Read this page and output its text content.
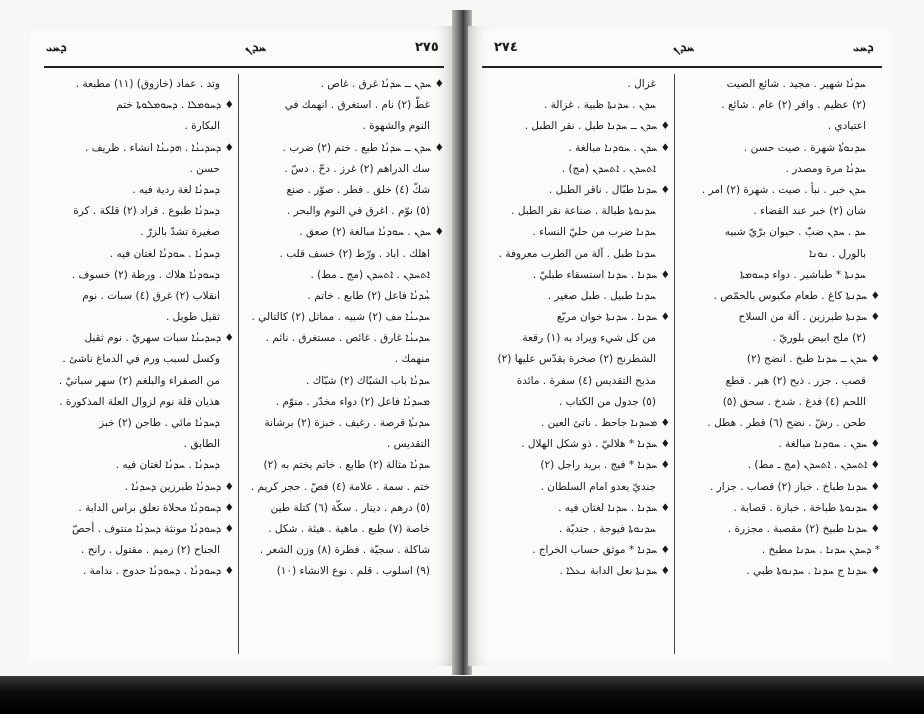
ܕܚܝ	ܚܕܢ	٢٧٥
♦ ܚܕܢ ــ ܚܕܢܳܐ غرق . غاص .
غطّ (٢) نام . استغرق . انهمك في
النوم والشهوة .
♦ ܚܕܢ ــ ܚܕܢܳܐ طبع . ختم (٢) ضرب .
سك الدراهم (٢) غرز . دحّ . دسّ .
شكّ (٤) خلق . فطر . صوّر . صنع
(٥) نوّم . اغرق في النوم والبحر .
♦ ܚܕܢ . ܚܘܕܢܳܐ مبالغة (٢) صعق .
اهلك . اباد . ورّط (٢) خسف قلب .
ܐܬܚܕܢ . ܐܬܚܕܢ (مج ـ مط) .
ܚܳܕܢܳܐ فاعل (٢) طابع . خاتم .
ܚܕܝܢܳܐ مف (٢) شبيه . مماثل (٢) كالتالي .
ܚܕܝܢܳܐ غارق . غائص . مستغرق . نائم .
منهمك .
ܚܕܢܳܐ باب الشبّاك (٢) شبّاك .
ܡܚܕܢܳܐ فاعل (٢) دواء مخدّر . منوّم .
ܚܕܢܬܳܐ قرصة . رغيف . خبزة (٢) برشانة
التقديس .
ܚܕܢܳܐ مثالة (٢) طابع . خاتم يختم به (٢)
ختم . سمة . علامة (٤) فصّ . حجر كريم .
(٥) درهم . دينار . سكّة (٦) كتلة طين
خاصة (٧) طبع . ماهية . هيئة . شكل .
شاكلة . سجيّة . فطرة (٨) وزن الشعر .
(٩) اسلوب . قلم . نوع الانشاء (١٠)
وتد . عماد (خازوق) (١١) مطبعة .
♦ ܕܚܘܡܠܐ . ܕܚܘܡܠܘܬܐ ختم
البكارة .
♦ ܕܚܕܝܢܳܐ . ܗܕܝܢܳܐ انشاء . ظريف .
حسن .
ܕܚܕܢܳܐ لغة ردية فيه .
ܕܚܕܢܳܐ طبوع . قراد (٢) قلكة . كرة
صغيرة تشدّ بالزرّ .
ܕܚܕܢܳܐ . ܚܘܕܢܳܐ لغتان فيه .
ܕܚܘܕܢܳܐ هلاك . ورطة (٢) خسوف .
انقلاب (٢) غرق (٤) سبات . نوم
ثقيل طويل .
♦ ܕܚܕܝܢܳܐ سبات سهريّ . نوم ثقيل
وكسل لسبب ورم في الدماغ ناشئ .
من الصفراء والبلغم (٢) سهر سباتيّ .
هذيان قلة نوم لزوال العلة المذكورة .
ܕܚܕܢܳܐ مائي . طاجن (٢) خبز
الطابق .
ܕܚܕܢܳܐ . ܚܕܢܳܐ لغتان فيه .
♦ ܕܚܕܢܳܐ طبرزين ܕܚܕܢܳܐ .
♦ ܕܚܘܕܢܳܐ محلاة تعلق براس الدابة .
♦ ܕܚܘܕܢܳܐ مونثة ܕܚܕܢܳܐ منتوف . أحصّ
الجناح (٢) زميم . مقتول . رانح .
♦ ܕܚܘܕܢܳܐ . ܕܚܘܕܢܳܐ حدوج . ندامة .
٢٧٤	ܚܕܢ	ܕܚܝ
ܚܕܢܳܐ شهير . مجيد . شائع الصيت
(٢) عظيم . وافر (٢) عام . شائع .
اعتيادي .
ܚܕܢܘܬܳܐ شهرة . صيت حسن .
ܚܕܢܳܐ مرة ومصدر .
ܚܕܢ خبر . نبأ . صيت . شهرة (٢) امر .
شان (٢) خبر عند القضاء .
ܚܕ . ܚܕܢ ضبّ . حيوان برّيّ شبيه
بالورل . ܢܘܢܐ
ܚܕܢܬܐ * طباشير . دواء ܕܚܘܡܬܐ
♦ ܚܕܢܬܐ كاغ . طعام مكبوس بالحمّص .
♦ ܚܕܢܬܐ طبرزين . آلة من السلاح
(٢) ملح ابيض بلوريّ .
♦ ܚܕܢ ــ ܚܕܢܐ طبخ . انضج (٢)
قصب . جزر . ذبح (٢) هبر . قطع
اللحم (٤) فدغ . شدخ . سحق (٥)
طحن . رشّ . نضح (٦) قطر . هطل .
♦ ܚܕܢ . ܚܘܕܢܐ مبالغة .
♦ ܐܬܚܕܢ . ܐܬܚܕܢ (مج ـ مط) .
♦ ܚܕܢܐ طباخ . خباز (٢) قصاب . جزار .
♦ ܚܕܢܘܬܐ طباخة . خبازة . قصابة .
♦ ܚܕܢܐ طبيخ (٢) مقصبة . مجزرة .
* ܕܚܕܢ ܚܕܢܐ . ܚܕܢܐ مطبخ .
♦ ܚܕܢܐ ج ܚܕܢܐ . ܚܕܢܘܬܐ طبي .
غزال .
ܚܕܢ . ܚܕܢܬܐ ظبية . غزالة .
♦ ܚܕܢ ــ ܚܕܢܐ طبل . نقر الطبل .
♦ ܚܕܢ . ܚܘܕܢܐ مبالغة .
ܐܬܚܕܢ . ܐܬܚܕܢ (مج) .
♦ ܚܕܢܐ طبّال . ناقر الطبل .
ܚܕܢܘܬܐ طبالة . صناعة نقر الطبل .
ܚܕܢܐ ضرب من حليّ النساء .
ܚܕܢܐ طبل . آلة من الطرب معروفة .
♦ ܚܕܢܐ . ܚܕܢܐ استسقاء طبليّ .
ܚܕܢܐ طبيل . طبل صغير .
♦ ܚܕܢܐ . ܚܕܢܬܐ خوان مربّع
من كل شيء ويراد به (١) رقعة
الشطرنج (٢) صخرة يقدّس عليها (٢)
مذبح التقديس (٤) سفرة . مائدة
(٥) جدول من الكتاب .
♦ ܡܚܕܢܐ جاحظ . ناتئ العين .
♦ ܚܕܢܐ * هلاليّ . ذو شكل الهلال .
♦ ܚܕܢܐ * فيج . بريد راجل (٢)
جنديّ يعدو امام السلطان .
♦ ܚܕܢܐ . ܚܕܢܐ لغتان فيه .
ܚܕܢܘܬܐ فيوجة . جنديّة .
♦ ܚܕܢܐ * موثق حساب الخراج .
♦ ܚܕܢܬܐ نعل الدابة ܢܥܠܐ .
